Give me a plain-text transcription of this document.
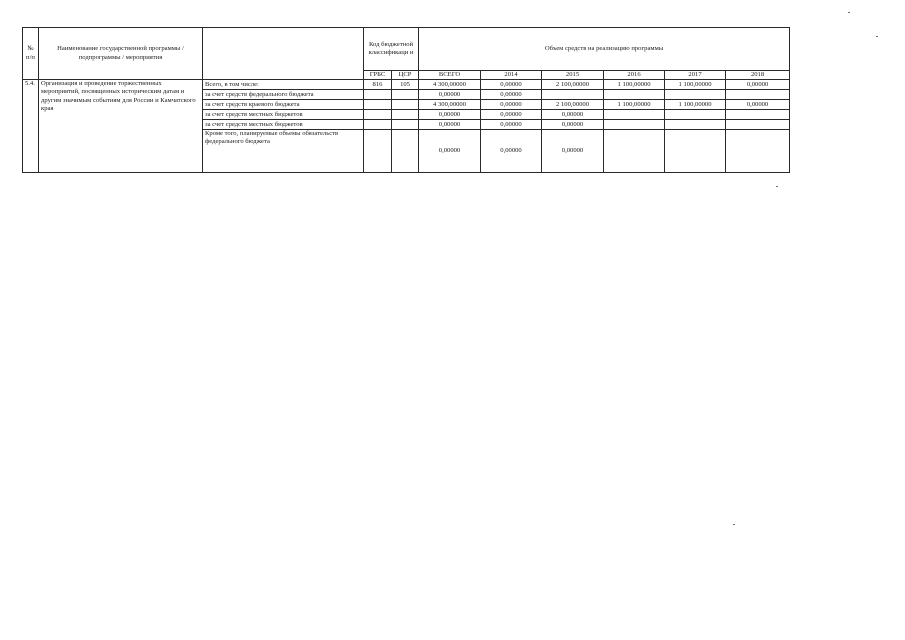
№ п/п	Наименование государственной программы / подпрограммы / мероприятия		Код бюджетной классификаци и		Объем средств на реализацию программы					
			ГРБС	ЦСР	ВСЕГО	2014	2015	2016	2017	2018
5.4.	Организация и проведение торжественных мероприятий, посвященных историческим датам и другим значимым событиям для России и Камчатского края	Всего, в том числе:	816	105	4 300,00000	0,00000	2 100,00000	1 100,00000	1 100,00000	0,00000
		за счет средств федерального бюджета			0,00000	0,00000				
		за счет средств краевого бюджета			4 300,00000	0,00000	2 100,00000	1 100,00000	1 100,00000	0,00000
		за счет средств местных бюджетов			0,00000	0,00000	0,00000			
		за счет средств местных бюджетов			0,00000	0,00000	0,00000			
		Кроме того, планируемые объемы обязательств федерального бюджета			0,00000	0,00000	0,00000			
